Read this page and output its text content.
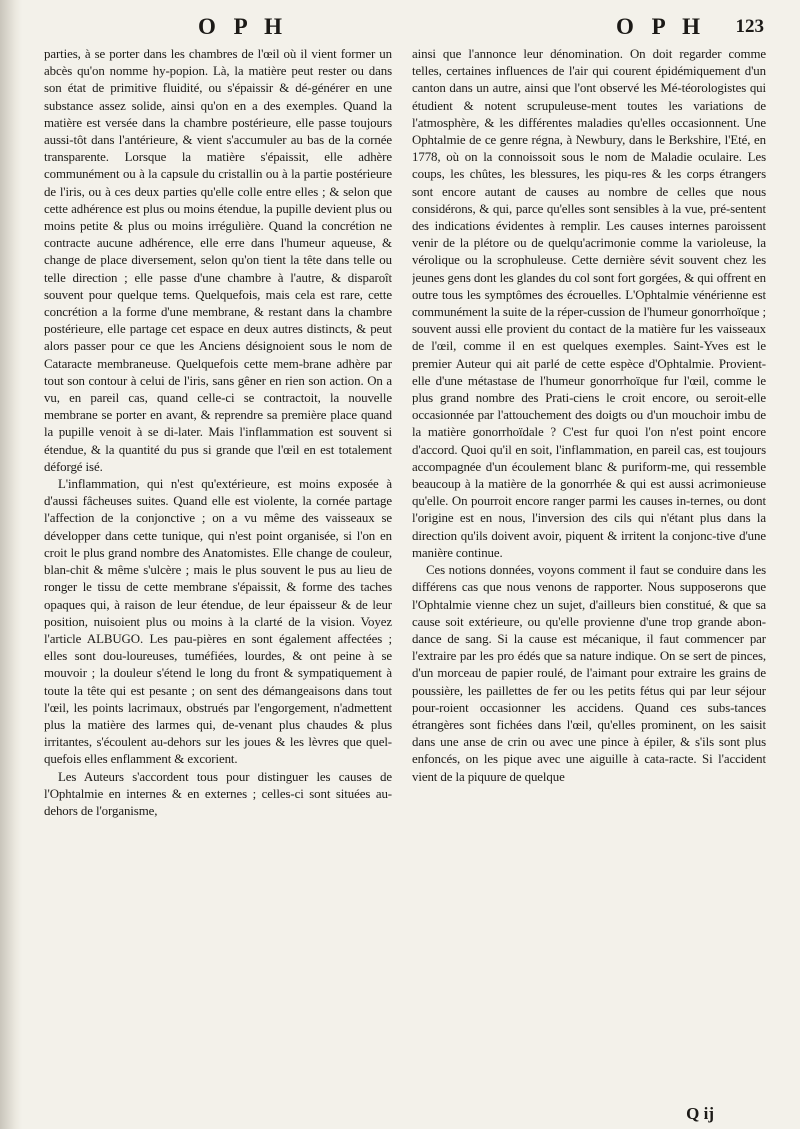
O P H	O P H 123

parties, à se porter dans les chambres de l'œil où il vient former un abcès qu'on nomme hy-popion. Là, la matière peut rester ou dans son état de primitive fluidité, ou s'épaissir & dé-générer en une substance assez solide, ainsi qu'on en a des exemples. Quand la matière est versée dans la chambre postérieure, elle passe toujours aussi-tôt dans l'antérieure, & vient s'accumuler au bas de la cornée transparente. Lorsque la matière s'épaissit, elle adhère communément ou à la capsule du cristallin ou à la partie postérieure de l'iris, ou à ces deux parties qu'elle colle entre elles ; & selon que cette adhérence est plus ou moins étendue, la pupille devient plus ou moins petite & plus ou moins irrégulière. Quand la concrétion ne contracte aucune adhérence, elle erre dans l'humeur aqueuse, & change de place diversement, selon qu'on tient la tête dans telle ou telle direction ; elle passe d'une chambre à l'autre, & disparoît souvent pour quelque tems. Quelquefois, mais cela est rare, cette concrétion a la forme d'une membrane, & restant dans la chambre postérieure, elle partage cet espace en deux autres distincts, & peut alors passer pour ce que les Anciens désignoient sous le nom de Cataracte membraneuse. Quelquefois cette mem-brane adhère par tout son contour à celui de l'iris, sans gêner en rien son action. On a vu, en pareil cas, quand celle-ci se contractoit, la nouvelle membrane se porter en avant, & reprendre sa première place quand la pupille venoit à se di-later. Mais l'inflammation est souvent si étendue, & la quantité du pus si grande que l'œil en est totalement déforgé isé.

L'inflammation, qui n'est qu'extérieure, est moins exposée à d'aussi fâcheuses suites. Quand elle est violente, la cornée partage l'affection de la conjonctive ; on a vu même des vaisseaux se développer dans cette tunique, qui n'est point organisée, si l'on en croit le plus grand nombre des Anatomistes. Elle change de couleur, blan-chit & même s'ulcère ; mais le plus souvent le pus au lieu de ronger le tissu de cette membrane s'épaissit, & forme des taches opaques qui, à raison de leur étendue, de leur épaisseur & de leur position, nuisoient plus ou moins à la clarté de la vision. Voyez l'article ALBUGO. Les pau-pières en sont également affectées ; elles sont dou-loureuses, tuméfiées, lourdes, & ont peine à se mouvoir ; la douleur s'étend le long du front & sympatiquement à toute la tête qui est pesante ; on sent des démangeaisons dans tout l'œil, les points lacrimaux, obstrués par l'engorgement, n'admettent plus la matière des larmes qui, de-venant plus chaudes & plus irritantes, s'écoulent au-dehors sur les joues & les lèvres que quel-quefois elles enflamment & excorient.

Les Auteurs s'accordent tous pour distinguer les causes de l'Ophtalmie en internes & en externes ; celles-ci sont situées au-dehors de l'organisme,

ainsi que l'annonce leur dénomination. On doit regarder comme telles, certaines influences de l'air qui courent épidémiquement d'un canton dans un autre, ainsi que l'ont observé les Mé-téorologistes qui étudient & notent scrupuleuse-ment toutes les variations de l'atmosphère, & les différentes maladies qu'elles occasionnent. Une Ophtalmie de ce genre régna, à Newbury, dans le Berkshire, l'Eté, en 1778, où on la connoissoit sous le nom de Maladie oculaire. Les coups, les chûtes, les blessures, les piqu-res & les corps étrangers sont encore autant de causes au nombre de celles que nous considérons, & qui, parce qu'elles sont sensibles à la vue, pré-sentent des indications évidentes à remplir. Les causes internes paroissent venir de la plétore ou de quelqu'acrimonie comme la varioleuse, la vérolique ou la scrophuleuse. Cette dernière sévit souvent chez les jeunes gens dont les glandes du col sont fort gorgées, & qui offrent en outre tous les symptômes des écrouelles. L'Ophtalmie vénérienne est communément la suite de la réper-cussion de l'humeur gonorrhoïque ; souvent aussi elle provient du contact de la matière fur les vaisseaux de l'œil, comme il en est quelques exemples. Saint-Yves est le premier Auteur qui ait parlé de cette espèce d'Ophtalmie. Provient-elle d'une métastase de l'humeur gonorrhoïque fur l'œil, comme le plus grand nombre des Prati-ciens le croit encore, ou seroit-elle occasionnée par l'attouchement des doigts ou d'un mouchoir imbu de la matière gonorrhoïdale ? C'est fur quoi l'on n'est point encore d'accord. Quoi qu'il en soit, l'inflammation, en pareil cas, est toujours accompagnée d'un écoulement blanc & puriform-me, qui ressemble beaucoup à la matière de la gonorrhée & qui est aussi acrimonieuse qu'elle. On pourroit encore ranger parmi les causes in-ternes, ou dont l'origine est en nous, l'inversion des cils qui n'étant plus dans la direction qu'ils doivent avoir, piquent & irritent la conjonc-tive d'une manière continue.

Ces notions données, voyons comment il faut se conduire dans les différens cas que nous venons de rapporter. Nous supposerons que l'Ophtalmie vienne chez un sujet, d'ailleurs bien constitué, & que sa cause soit extérieure, ou qu'elle provienne d'une trop grande abon-dance de sang. Si la cause est mécanique, il faut commencer par l'extraire par les pro édés que sa nature indique. On se sert de pinces, d'un morceau de papier roulé, de l'aimant pour extraire les grains de poussière, les paillettes de fer ou les petits fétus qui par leur séjour pour-roient occasionner les accidens. Quand ces subs-tances étrangères sont fichées dans l'œil, qu'elles prominent, on les saisit dans une anse de crin ou avec une pince à épiler, & s'ils sont plus enfoncés, on les pique avec une aiguille à cata-racte. Si l'accident vient de la piquure de quelque

Q ij
